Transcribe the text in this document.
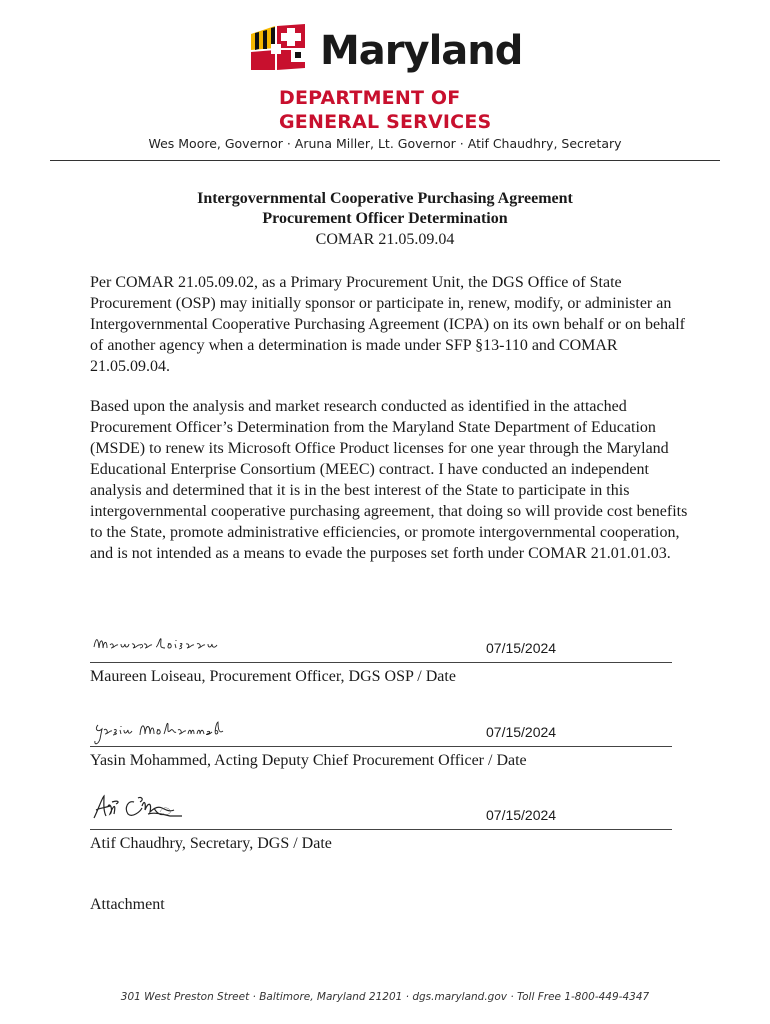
Maryland
DEPARTMENT OF
GENERAL SERVICES
Wes Moore, Governor · Aruna Miller, Lt. Governor · Atif Chaudhry, Secretary
Intergovernmental Cooperative Purchasing Agreement
Procurement Officer Determination
COMAR 21.05.09.04
Per COMAR 21.05.09.02, as a Primary Procurement Unit, the DGS Office of State Procurement (OSP) may initially sponsor or participate in, renew, modify, or administer an Intergovernmental Cooperative Purchasing Agreement (ICPA) on its own behalf or on behalf of another agency when a determination is made under SFP §13-110 and COMAR 21.05.09.04.
Based upon the analysis and market research conducted as identified in the attached Procurement Officer’s Determination from the Maryland State Department of Education (MSDE) to renew its Microsoft Office Product licenses for one year through the Maryland Educational Enterprise Consortium (MEEC) contract. I have conducted an independent analysis and determined that it is in the best interest of the State to participate in this intergovernmental cooperative purchasing agreement, that doing so will provide cost benefits to the State, promote administrative efficiencies, or promote intergovernmental cooperation, and is not intended as a means to evade the purposes set forth under COMAR 21.01.01.03.
07/15/2024
Maureen Loiseau, Procurement Officer, DGS OSP / Date
07/15/2024
Yasin Mohammed, Acting Deputy Chief Procurement Officer / Date
07/15/2024
Atif Chaudhry, Secretary, DGS / Date
Attachment
301 West Preston Street · Baltimore, Maryland 21201 · dgs.maryland.gov · Toll Free 1-800-449-4347
